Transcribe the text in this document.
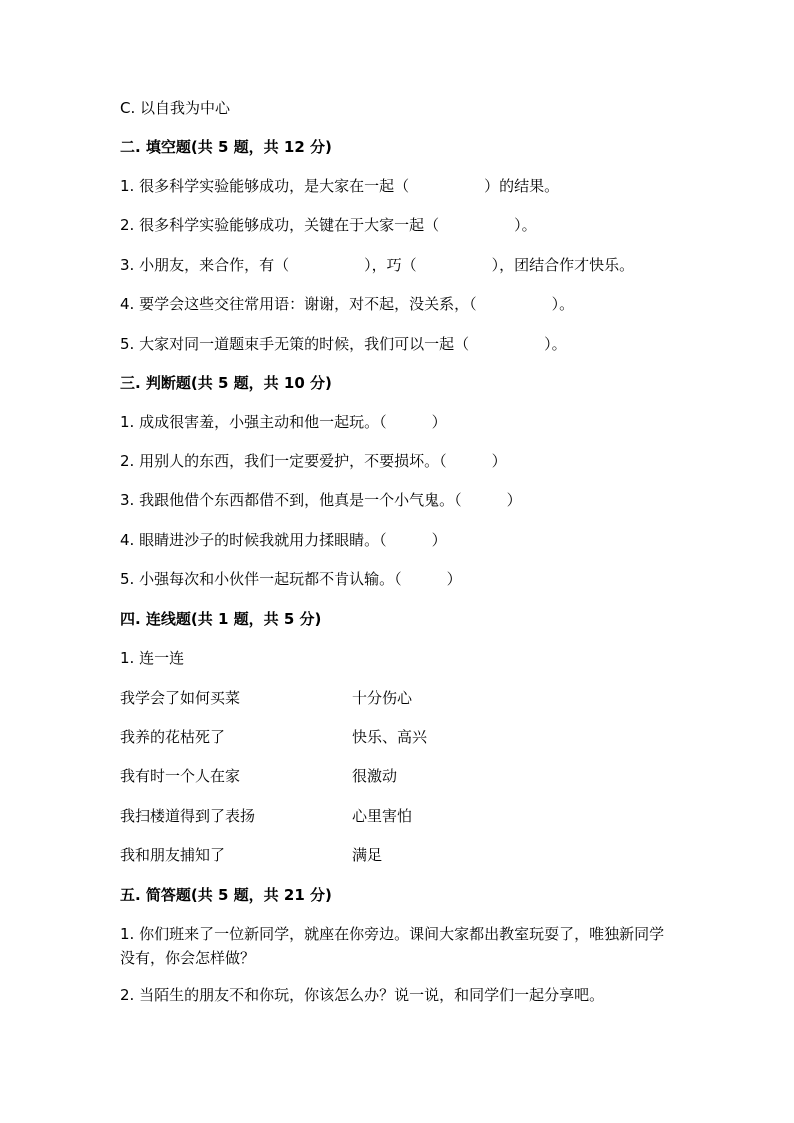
C. 以自我为中心
二. 填空题(共 5 题，共 12 分)
1. 很多科学实验能够成功，是大家在一起（　　　　　）的结果。
2. 很多科学实验能够成功，关键在于大家一起（　　　　　）。
3. 小朋友，来合作，有（　　　　　），巧（　　　　　），团结合作才快乐。
4. 要学会这些交往常用语：谢谢，对不起，没关系，（　　　　　）。
5. 大家对同一道题束手无策的时候，我们可以一起（　　　　　）。
三. 判断题(共 5 题，共 10 分)
1. 成成很害羞，小强主动和他一起玩。（　　　）
2. 用别人的东西，我们一定要爱护，不要损坏。（　　　）
3. 我跟他借个东西都借不到，他真是一个小气鬼。（　　　）
4. 眼睛进沙子的时候我就用力揉眼睛。（　　　）
5. 小强每次和小伙伴一起玩都不肯认输。（　　　）
四. 连线题(共 1 题，共 5 分)
1. 连一连
我学会了如何买菜	十分伤心
我养的花枯死了	快乐、高兴
我有时一个人在家	很激动
我扫楼道得到了表扬	心里害怕
我和朋友捕知了	满足
五. 简答题(共 5 题，共 21 分)
1. 你们班来了一位新同学，就座在你旁边。课间大家都出教室玩耍了，唯独新同学没有，你会怎样做？
2. 当陌生的朋友不和你玩，你该怎么办？说一说，和同学们一起分享吧。
